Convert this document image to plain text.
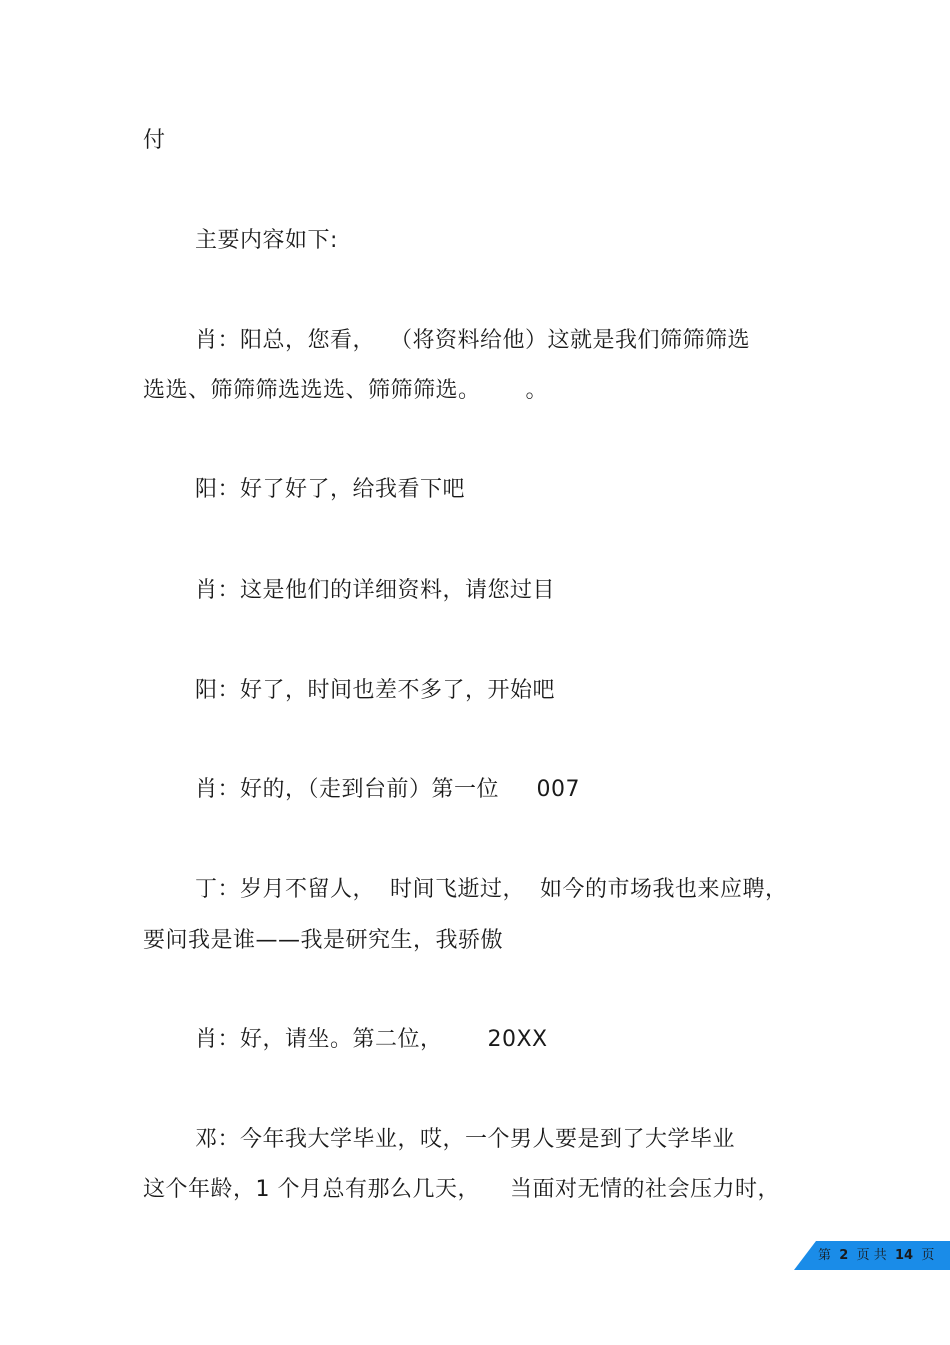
付
主要内容如下:
肖：阳总，您看，  （将资料给他）这就是我们筛筛筛选
选选、筛筛筛选选选、筛筛筛选。      。
阳：好了好了，给我看下吧
肖：这是他们的详细资料，请您过目
阳：好了，时间也差不多了，开始吧
肖：好的，（走到台前）第一位     007
丁：岁月不留人，  时间飞逝过，  如今的市场我也来应聘，
要问我是谁——我是研究生，我骄傲
肖：好，请坐。第二位，      20XX
邓：今年我大学毕业，哎，一个男人要是到了大学毕业
这个年龄，1 个月总有那么几天，    当面对无情的社会压力时，
第 2 页 共 14 页
